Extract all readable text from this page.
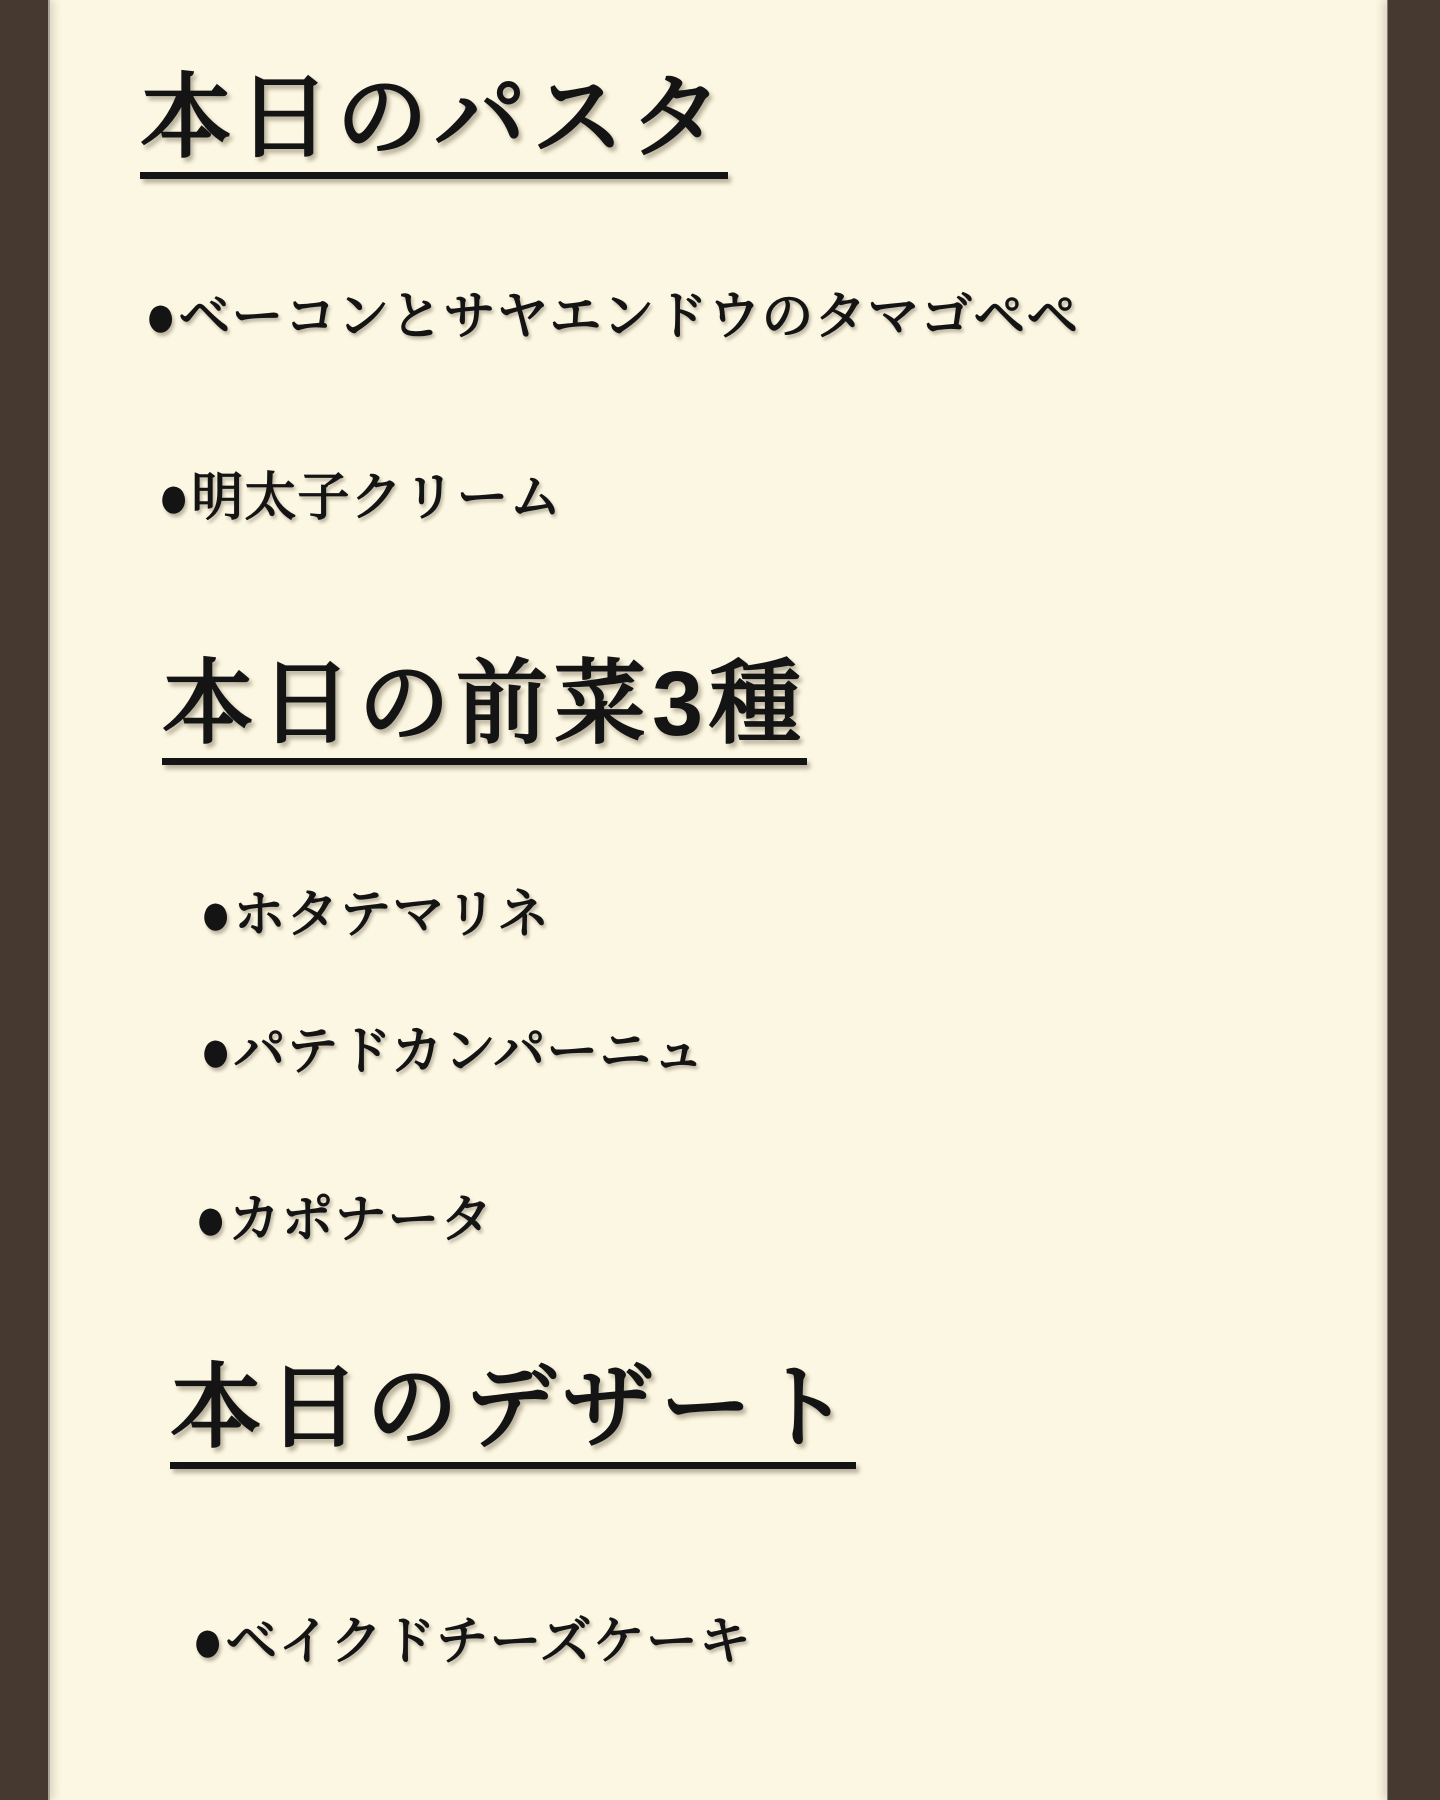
本日のパスタ
●ベーコンとサヤエンドウのタマゴペペ
●明太子クリーム
本日の前菜3種
●ホタテマリネ
●パテドカンパーニュ
●カポナータ
本日のデザート
●ベイクドチーズケーキ
